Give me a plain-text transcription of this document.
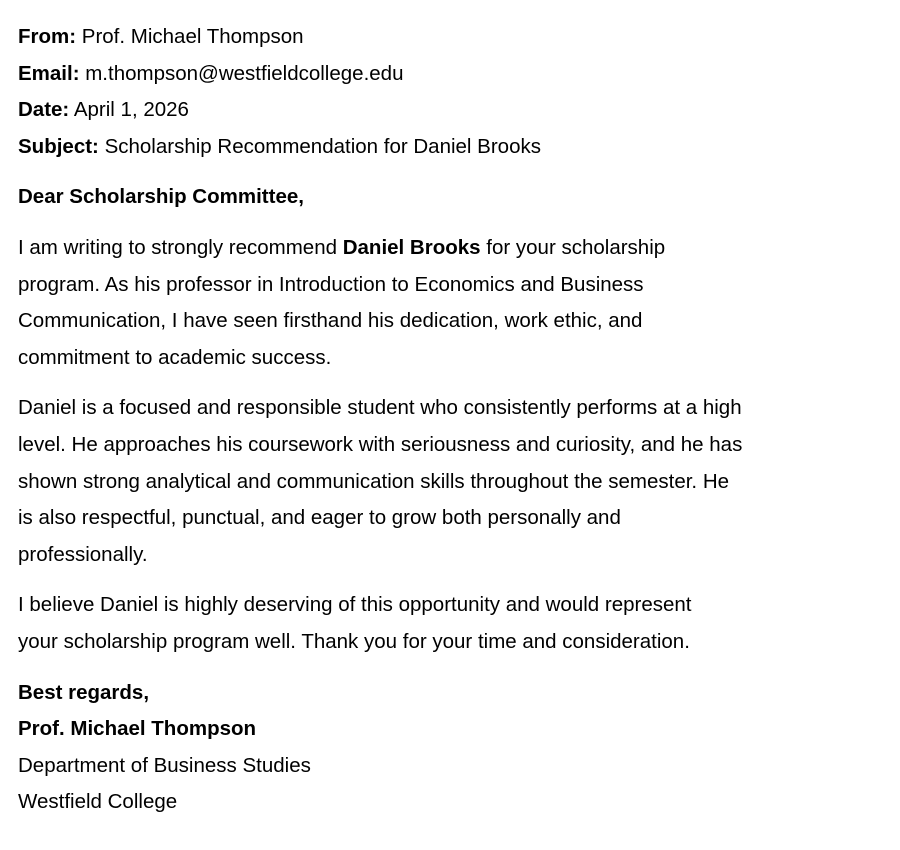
From: Prof. Michael Thompson
Email: m.thompson@westfieldcollege.edu
Date: April 1, 2026
Subject: Scholarship Recommendation for Daniel Brooks
Dear Scholarship Committee,
I am writing to strongly recommend Daniel Brooks for your scholarship
program. As his professor in Introduction to Economics and Business
Communication, I have seen firsthand his dedication, work ethic, and
commitment to academic success.
Daniel is a focused and responsible student who consistently performs at a high
level. He approaches his coursework with seriousness and curiosity, and he has
shown strong analytical and communication skills throughout the semester. He
is also respectful, punctual, and eager to grow both personally and
professionally.
I believe Daniel is highly deserving of this opportunity and would represent
your scholarship program well. Thank you for your time and consideration.
Best regards,
Prof. Michael Thompson
Department of Business Studies
Westfield College
